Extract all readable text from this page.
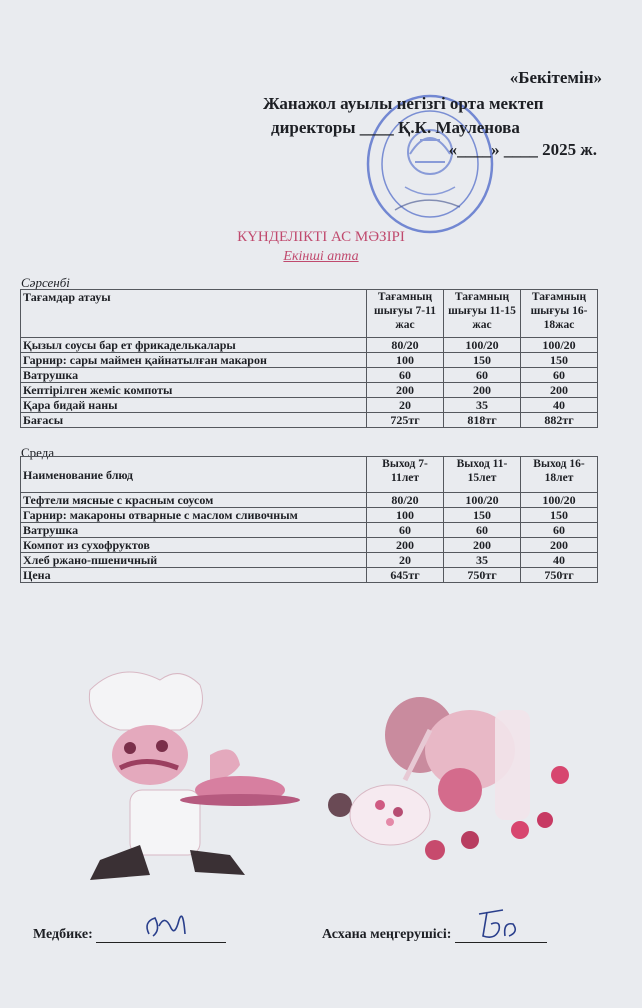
«Бекітемін»
Жанажол ауылы негізгі орта мектеп
директоры ____ Қ.К. Мауленова
«____» ____ 2025 ж.
КҮНДЕЛІКТІ АС МӘЗІРІ
Екінші апта
Сәрсенбі
Тағамдар атауы	Тағамның шығуы 7-11 жас	Тағамның шығуы 11-15 жас	Тағамның шығуы 16-18жас
Қызыл соусы бар ет фрикаделькалары	80/20	100/20	100/20
Гарнир: сары маймен қайнатылған макарон	100	150	150
Ватрушка	60	60	60
Кептірілген жеміс компоты	200	200	200
Қара бидай наны	20	35	40
Бағасы	725тг	818тг	882тг
Среда
Наименование блюд	Выход 7-11лет	Выход 11-15лет	Выход 16-18лет
Тефтели мясные с красным соусом	80/20	100/20	100/20
Гарнир: макароны отварные с маслом сливочным	100	150	150
Ватрушка	60	60	60
Компот из сухофруктов	200	200	200
Хлеб ржано-пшеничный	20	35	40
Цена	645тг	750тг	750тг
Медбике:	Асхана меңгерушісі:
